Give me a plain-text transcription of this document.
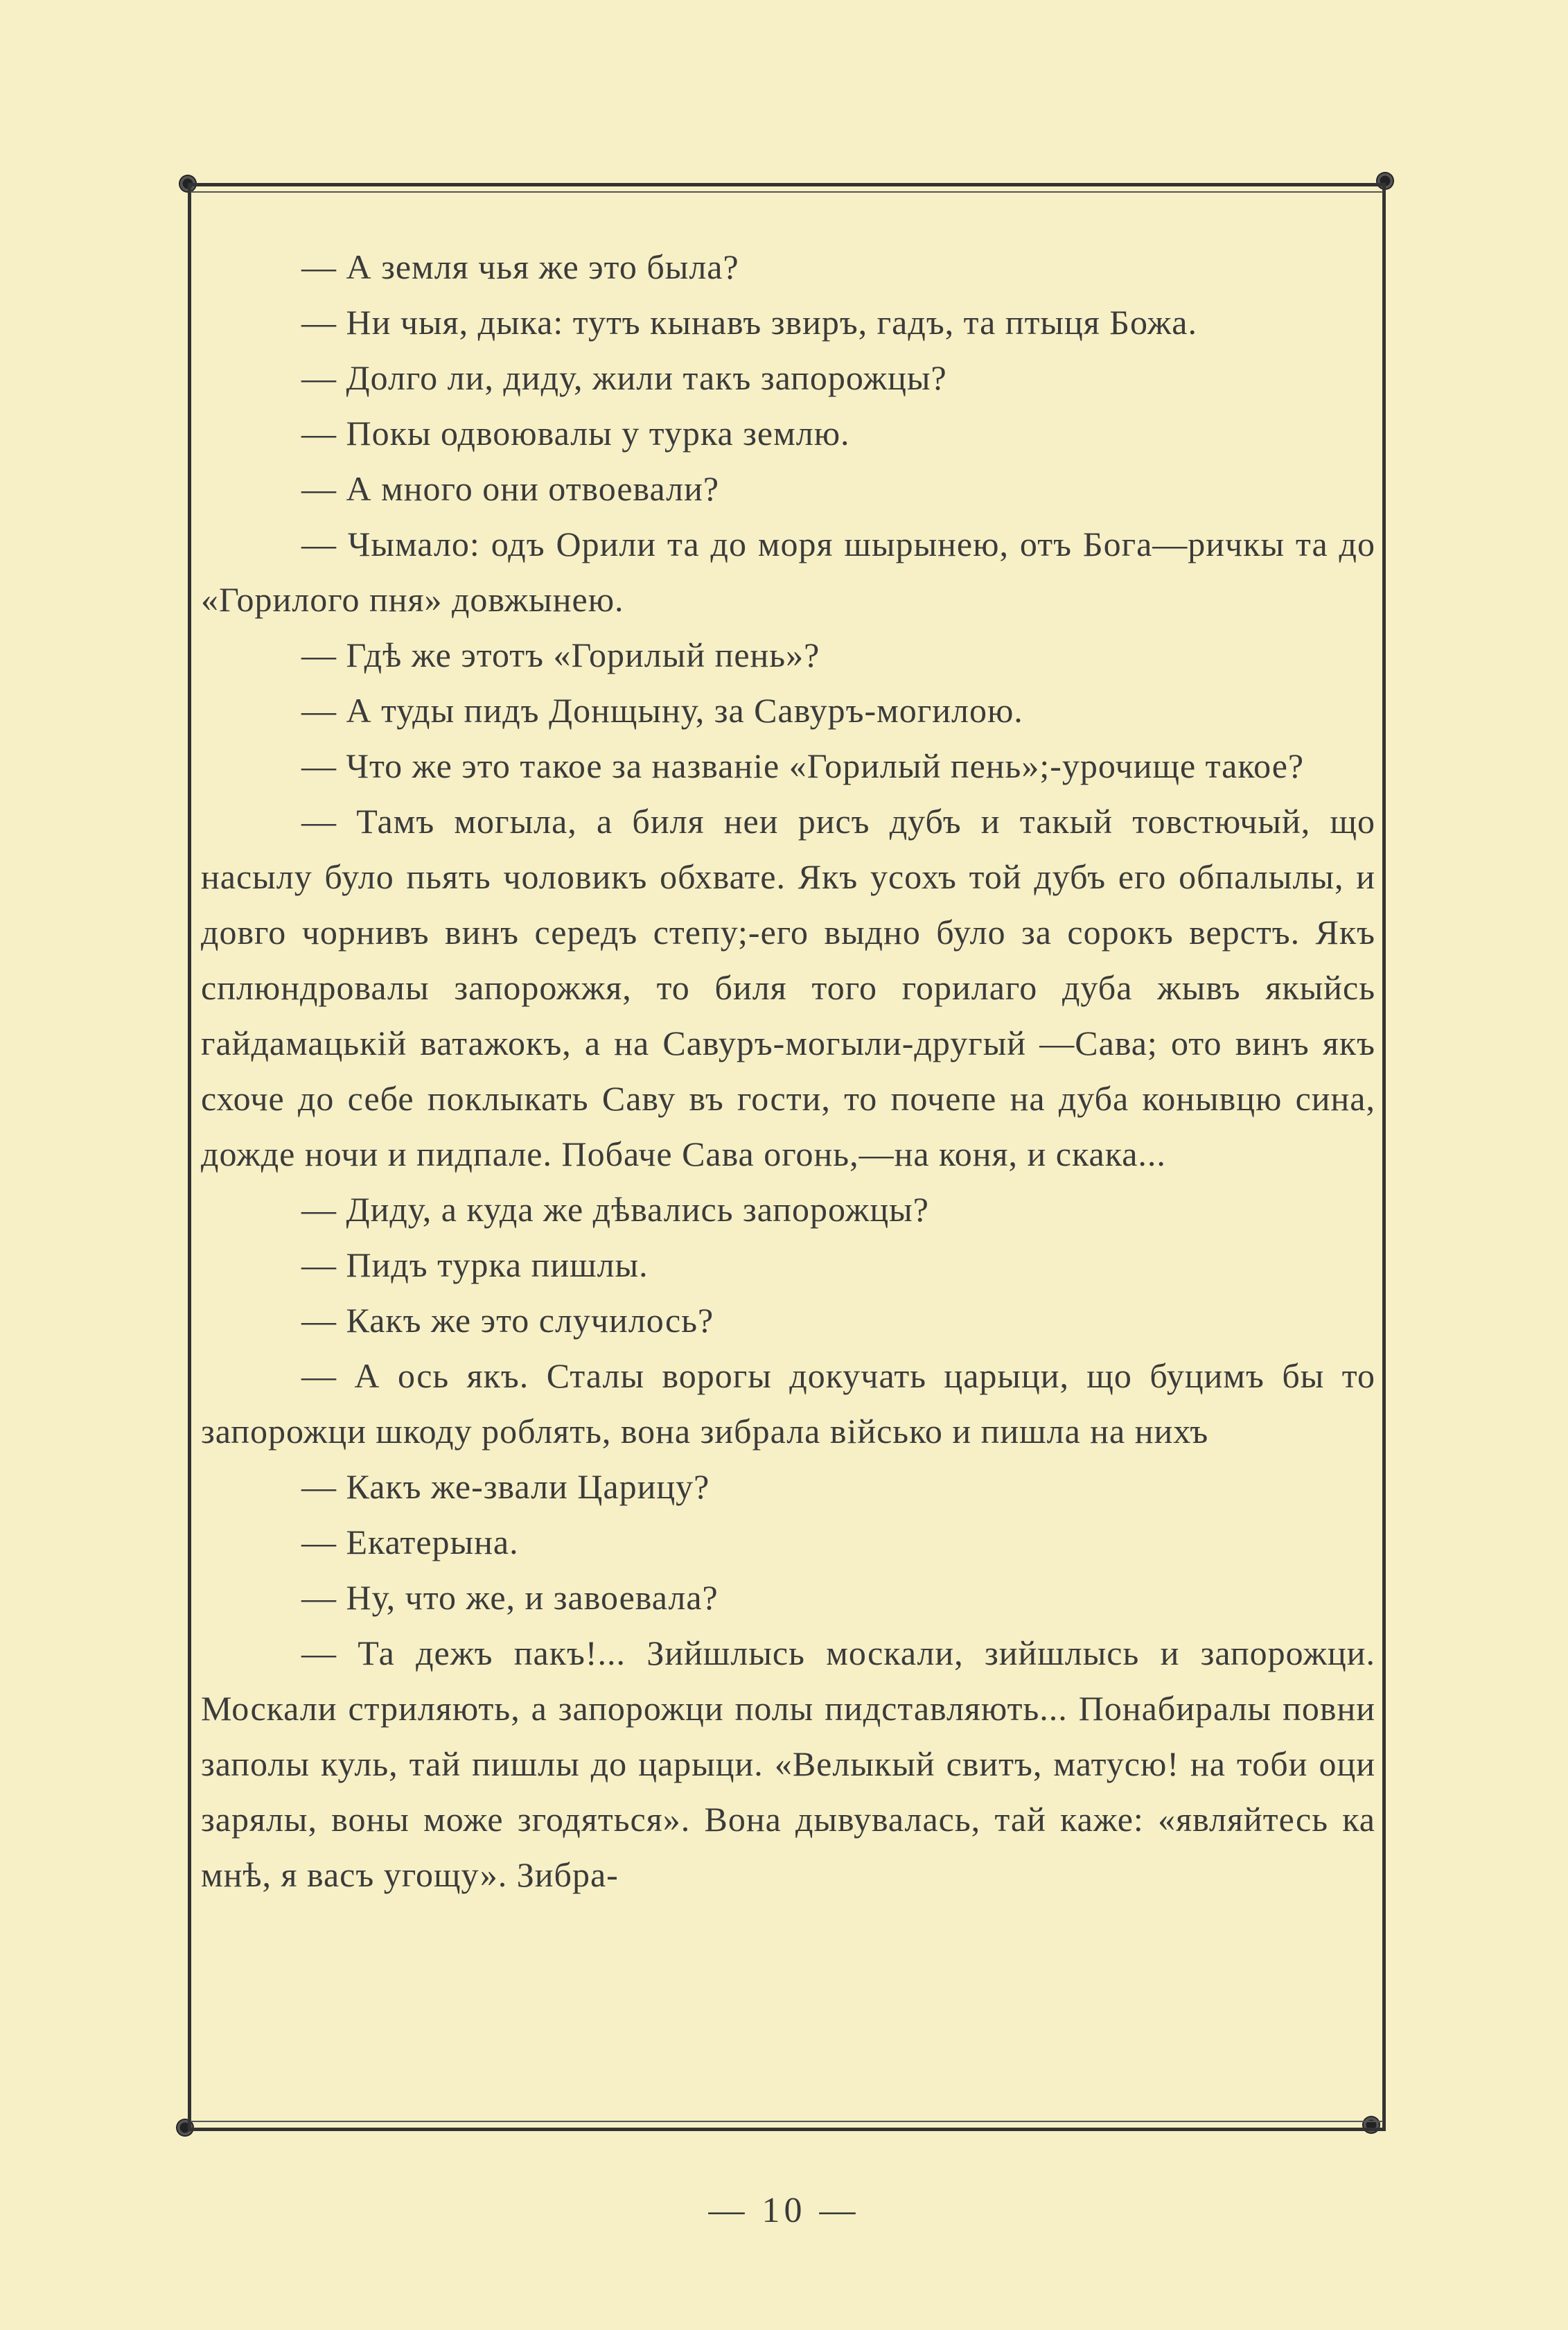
— А земля чья же это была?

— Ни чыя, дыка: тутъ кынавъ звиръ, гадъ, та птыця Божа.

— Долго ли, диду, жили такъ запорожцы?

— Покы одвоювалы у турка землю.

— А много они отвоевали?

— Чымало: одъ Орили та до моря шырынею, отъ Бога—ричкы та до «Горилого пня» довжынею.

— Гдѣ же этотъ «Горилый пень»?

— А туды пидъ Донщыну, за Савуръ-могилою.

— Что же это такое за названіе «Горилый пень»;-урочище такое?

— Тамъ могыла, а биля неи рисъ дубъ и такый товстючый, що насылу було пьять чоловикъ обхвате. Якъ усохъ той дубъ его обпалылы, и довго чорнивъ винъ середъ степу;-его выдно було за сорокъ верстъ. Якъ сплюндровалы запорожжя, то биля того горилаго дуба жывъ якыйсь гайдамацькій ватажокъ, а на Савуръ-могыли-другый —Сава; ото винъ якъ схоче до себе поклыкать Саву въ гости, то почепе на дуба конывцю сина, дожде ночи и пидпале. Побаче Сава огонь,—на коня, и скака...

— Диду, а куда же дѣвались запорожцы?

— Пидъ турка пишлы.

— Какъ же это случилось?

— А ось якъ. Сталы ворогы докучать царыци, що буцимъ бы то запорожци шкоду роблять, вона зибрала військо и пишла на нихъ

— Какъ же-звали Царицу?

— Екатерына.

— Ну, что же, и завоевала?

— Та дежъ пакъ!... Зийшлысь москали, зийшлысь и запорожци. Москали стриляють, а запорожци полы пидставляють... Понабиралы повни заполы куль, тай пишлы до царыци. «Велыкый свитъ, матусю! на тоби оци зарялы, воны може згодяться». Вона дывувалась, тай каже: «являйтесь ка мнѣ, я васъ угощу». Зибра-

— 10 —
